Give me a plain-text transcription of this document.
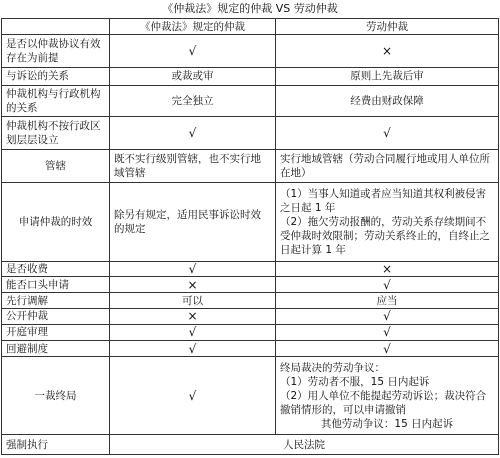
《仲裁法》规定的仲裁 VS 劳动仲裁
	《仲裁法》规定的仲裁	劳动仲裁
是否以仲裁协议有效存在为前提	√	×
与诉讼的关系	或裁或审	原则上先裁后审
仲裁机构与行政机构的关系	完全独立	经费由财政保障
仲裁机构不按行政区划层层设立	√	√
管辖	既不实行级别管辖，也不实行地域管辖	实行地域管辖（劳动合同履行地或用人单位所在地）
申请仲裁的时效	除另有规定，适用民事诉讼时效的规定	（1）当事人知道或者应当知道其权利被侵害之日起 1 年
（2）拖欠劳动报酬的，劳动关系存续期间不受仲裁时效限制；劳动关系终止的，自终止之日起计算 1 年

是否收费	√	×
能否口头申请	×	√
先行调解	可以	应当
公开仲裁	×	√
开庭审理	√	√
回避制度	√	√
一裁终局	√	终局裁决的劳动争议：
（1）劳动者不服，15 日内起诉
（2）用人单位不能提起劳动诉讼；裁决符合撤销情形的，可以申请撤销
其他劳动争议：15 日内起诉

强制执行	人民法院	
